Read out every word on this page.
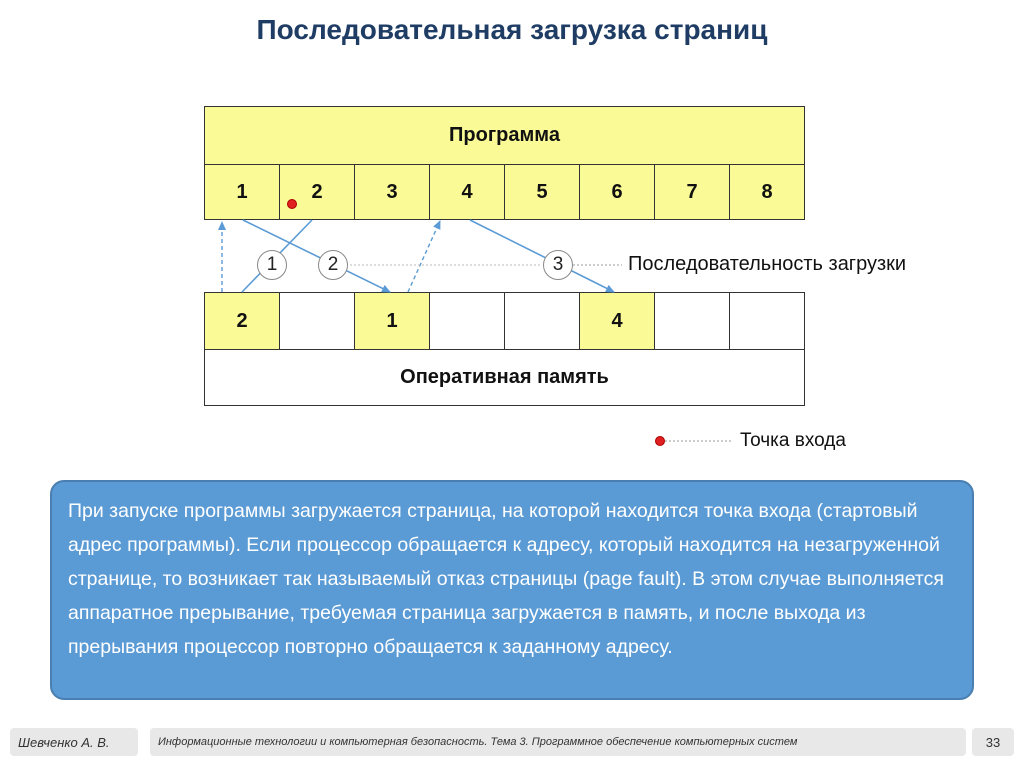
Последовательная загрузка страниц
Программа
1	2	3	4	5	6	7	8
2	1	4
Оперативная память
1	2	3	Последовательность загрузки
Точка входа
При запуске программы загружается страница, на которой находится точка входа (стартовый адрес программы). Если процессор обращается к адресу, который находится на незагруженной странице, то возникает так называемый отказ страницы (page fault). В этом случае выполняется аппаратное прерывание, требуемая страница загружается в память, и после выхода из прерывания процессор повторно обращается к заданному адресу.
Шевченко А. В.	Информационные технологии и компьютерная безопасность. Тема 3. Программное обеспечение компьютерных систем	33
